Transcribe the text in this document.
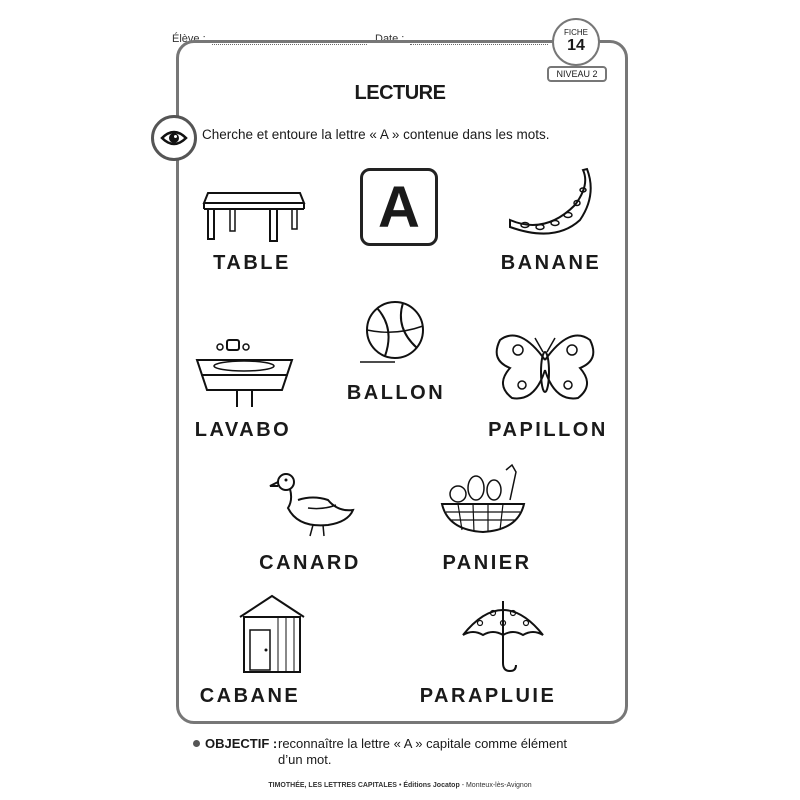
Élève :	Date :
FICHE
14
NIVEAU 2
LECTURE
Cherche et entoure la lettre « A » contenue dans les mots.
A
TABLE	BANANE
BALLON
LAVABO	PAPILLON
CANARD	PANIER
CABANE	PARAPLUIE
OBJECTIF : reconnaître la lettre « A » capitale comme élément d’un mot.
TIMOTHÉE, LES LETTRES CAPITALES • Éditions Jocatop - Monteux-lès-Avignon
